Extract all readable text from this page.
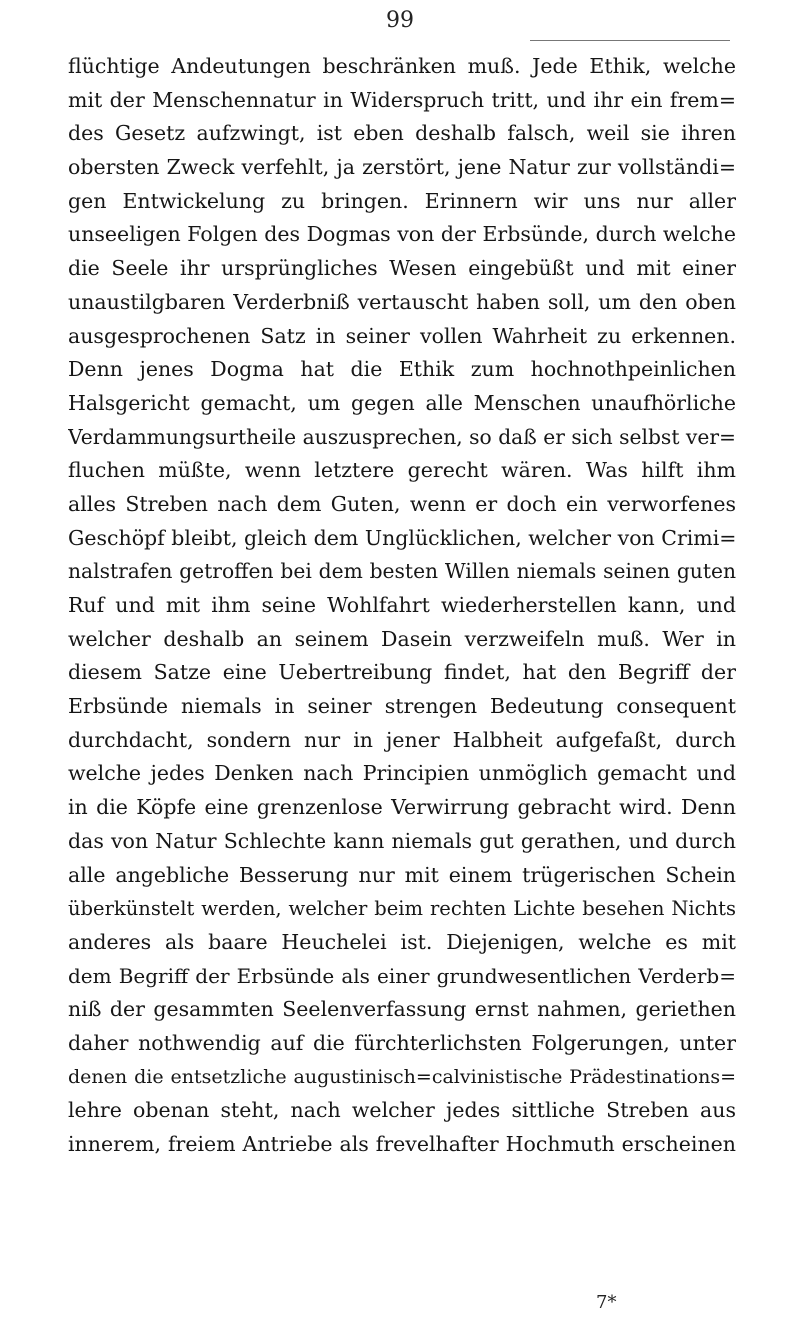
99
flüchtige Andeutungen beschränken muß. Jede Ethik, welche
mit der Menschennatur in Widerspruch tritt, und ihr ein frem=
des Gesetz aufzwingt, ist eben deshalb falsch, weil sie ihren
obersten Zweck verfehlt, ja zerstört, jene Natur zur vollständi=
gen Entwickelung zu bringen. Erinnern wir uns nur aller
unseeligen Folgen des Dogmas von der Erbsünde, durch welche
die Seele ihr ursprüngliches Wesen eingebüßt und mit einer
unaustilgbaren Verderbniß vertauscht haben soll, um den oben
ausgesprochenen Satz in seiner vollen Wahrheit zu erkennen.
Denn jenes Dogma hat die Ethik zum hochnothpeinlichen
Halsgericht gemacht, um gegen alle Menschen unaufhörliche
Verdammungsurtheile auszusprechen, so daß er sich selbst ver=
fluchen müßte, wenn letztere gerecht wären. Was hilft ihm
alles Streben nach dem Guten, wenn er doch ein verworfenes
Geschöpf bleibt, gleich dem Unglücklichen, welcher von Crimi=
nalstrafen getroffen bei dem besten Willen niemals seinen guten
Ruf und mit ihm seine Wohlfahrt wiederherstellen kann, und
welcher deshalb an seinem Dasein verzweifeln muß. Wer in
diesem Satze eine Uebertreibung findet, hat den Begriff der
Erbsünde niemals in seiner strengen Bedeutung consequent
durchdacht, sondern nur in jener Halbheit aufgefaßt, durch
welche jedes Denken nach Principien unmöglich gemacht und
in die Köpfe eine grenzenlose Verwirrung gebracht wird. Denn
das von Natur Schlechte kann niemals gut gerathen, und durch
alle angebliche Besserung nur mit einem trügerischen Schein
überkünstelt werden, welcher beim rechten Lichte besehen Nichts
anderes als baare Heuchelei ist. Diejenigen, welche es mit
dem Begriff der Erbsünde als einer grundwesentlichen Verderb=
niß der gesammten Seelenverfassung ernst nahmen, geriethen
daher nothwendig auf die fürchterlichsten Folgerungen, unter
denen die entsetzliche augustinisch=calvinistische Prädestinations=
lehre obenan steht, nach welcher jedes sittliche Streben aus
innerem, freiem Antriebe als frevelhafter Hochmuth erscheinen
7*
